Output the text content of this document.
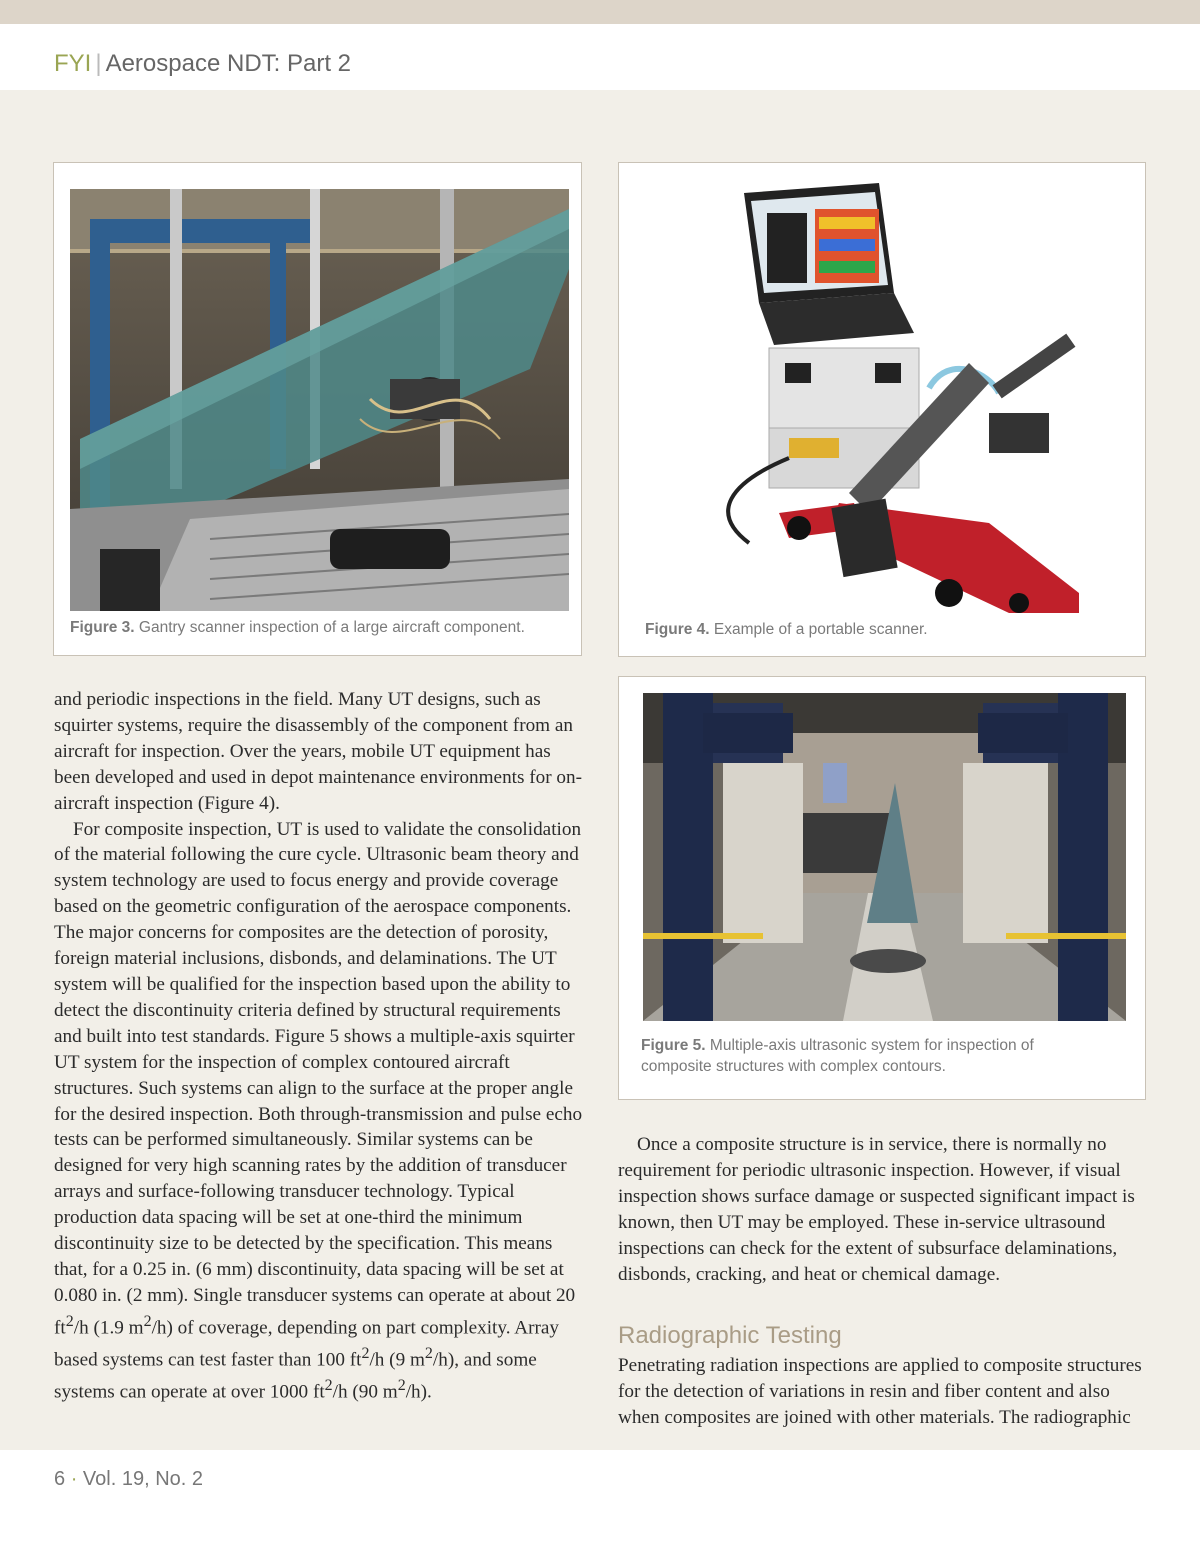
FYI | Aerospace NDT: Part 2
Figure 3. Gantry scanner inspection of a large aircraft component.	Figure 4. Example of a portable scanner.
Figure 5. Multiple-axis ultrasonic system for inspection of composite structures with complex contours.

and periodic inspections in the field. Many UT designs, such as squirter systems, require the disassembly of the component from an aircraft for inspection. Over the years, mobile UT equipment has been developed and used in depot maintenance environments for on-aircraft inspection (Figure 4).

For composite inspection, UT is used to validate the consolidation of the material following the cure cycle. Ultrasonic beam theory and system technology are used to focus energy and provide coverage based on the geometric configuration of the aerospace components. The major concerns for composites are the detection of porosity, foreign material inclusions, disbonds, and delaminations. The UT system will be qualified for the inspection based upon the ability to detect the discontinuity criteria defined by structural requirements and built into test standards. Figure 5 shows a multiple-axis squirter UT system for the inspection of complex contoured aircraft structures. Such systems can align to the surface at the proper angle for the desired inspection. Both through-transmission and pulse echo tests can be performed simultaneously. Similar systems can be designed for very high scanning rates by the addition of transducer arrays and surface-following transducer technology. Typical production data spacing will be set at one-third the minimum discontinuity size to be detected by the specification. This means that, for a 0.25 in. (6 mm) discontinuity, data spacing will be set at 0.080 in. (2 mm). Single transducer systems can operate at about 20 $ft^2/h$ (1.9 $m^2/h$) of coverage, depending on part complexity. Array based systems can test faster than 100 $ft^2/h$ (9 $m^2/h$), and some systems can operate at over 1000 $ft^2/h$ (90 $m^2/h$).

Once a composite structure is in service, there is normally no requirement for periodic ultrasonic inspection. However, if visual inspection shows surface damage or suspected significant impact is known, then UT may be employed. These in-service ultrasound inspections can check for the extent of subsurface delaminations, disbonds, cracking, and heat or chemical damage.

Radiographic Testing

Penetrating radiation inspections are applied to composite structures for the detection of variations in resin and fiber content and also when composites are joined with other materials. The radiographic

6 · Vol. 19, No. 2
